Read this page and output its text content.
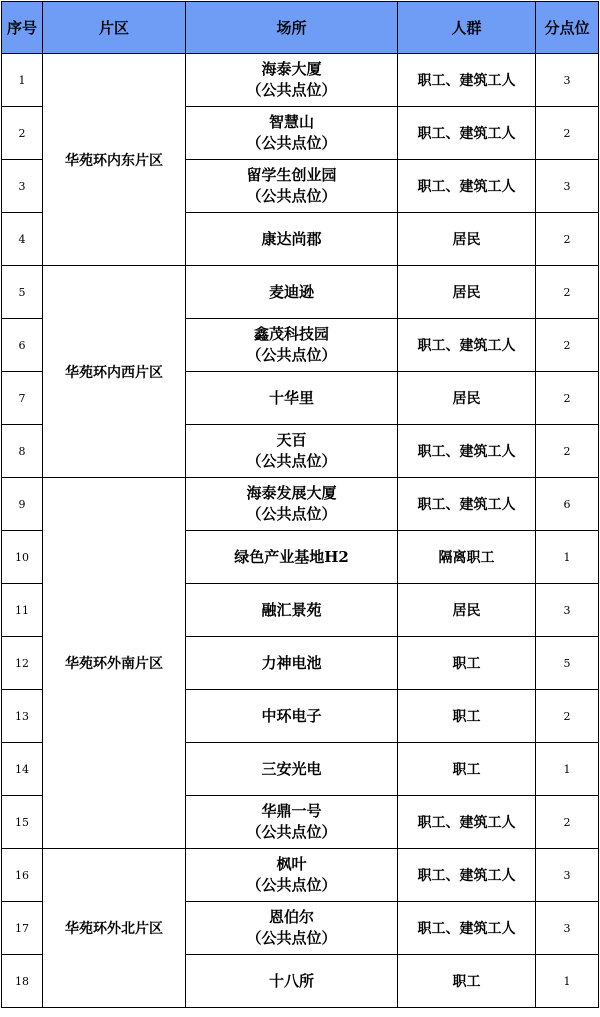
序号	片区	场所	人群	分点位
1	华苑环内东片区	海泰大厦
（公共点位）	职工、建筑工人	3
2		智慧山
（公共点位）	职工、建筑工人	2
3		留学生创业园
（公共点位）	职工、建筑工人	3
4		康达尚郡	居民	2
5	华苑环内西片区	麦迪逊	居民	2
6		鑫茂科技园
（公共点位）	职工、建筑工人	2
7		十华里	居民	2
8		天百
（公共点位）	职工、建筑工人	2
9	华苑环外南片区	海泰发展大厦
（公共点位）	职工、建筑工人	6
10		绿色产业基地H2	隔离职工	1
11		融汇景苑	居民	3
12		力神电池	职工	5
13		中环电子	职工	2
14		三安光电	职工	1
15		华鼎一号
（公共点位）	职工、建筑工人	2
16	华苑环外北片区	枫叶
（公共点位）	职工、建筑工人	3
17		恩伯尔
（公共点位）	职工、建筑工人	3
18		十八所	职工	1
